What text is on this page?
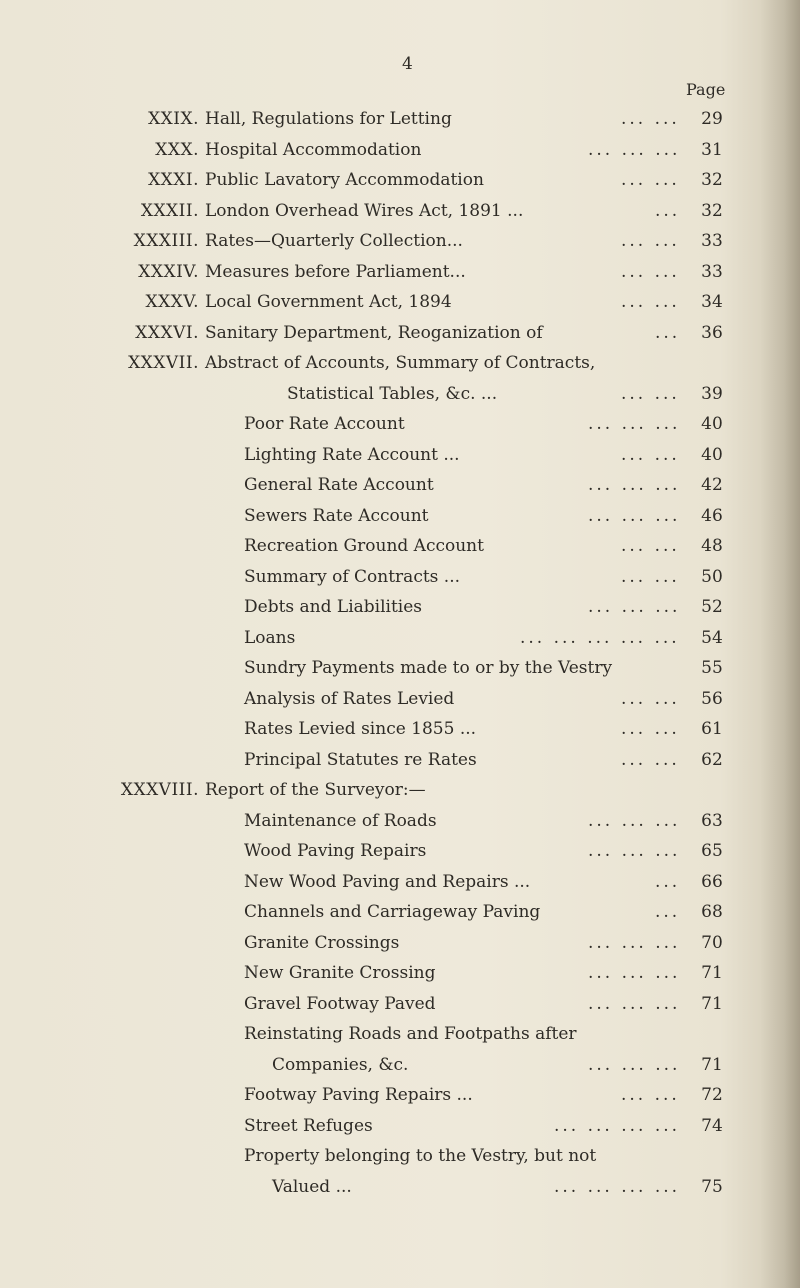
4
Page
XXIX. Hall, Regulations for Letting	... ...	29
XXX. Hospital Accommodation	... ... ...	31
XXXI. Public Lavatory Accommodation	... ...	32
XXXII. London Overhead Wires Act, 1891 ...	...	32
XXXIII. Rates—Quarterly Collection...	... ...	33
XXXIV. Measures before Parliament...	... ...	33
XXXV. Local Government Act, 1894	... ...	34
XXXVI. Sanitary Department, Reoganization of	...	36
XXXVII. Abstract of Accounts, Summary of Contracts,
Statistical Tables, &c. ...	... ...	39
Poor Rate Account	... ... ...	40
Lighting Rate Account ...	... ...	40
General Rate Account	... ... ...	42
Sewers Rate Account	... ... ...	46
Recreation Ground Account	... ...	48
Summary of Contracts ...	... ...	50
Debts and Liabilities	... ... ...	52
Loans	... ... ... ... ...	54
Sundry Payments made to or by the Vestry	55
Analysis of Rates Levied	... ...	56
Rates Levied since 1855 ...	... ...	61
Principal Statutes re Rates	... ...	62
XXXVIII. Report of the Surveyor:—
Maintenance of Roads	... ... ...	63
Wood Paving Repairs	... ... ...	65
New Wood Paving and Repairs ...	...	66
Channels and Carriageway Paving	...	68
Granite Crossings	... ... ...	70
New Granite Crossing	... ... ...	71
Gravel Footway Paved	... ... ...	71
Reinstating Roads and Footpaths after
Companies, &c.	... ... ...	71
Footway Paving Repairs ...	... ...	72
Street Refuges	... ... ... ...	74
Property belonging to the Vestry, but not
Valued ...	... ... ... ...	75
